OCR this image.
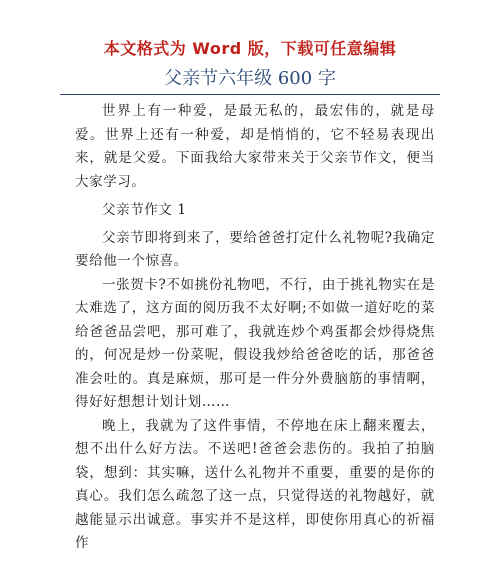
本文格式为 Word 版，下载可任意编辑
父亲节六年级 600 字

世界上有一种爱，是最无私的，最宏伟的，就是母爱。世界上还有一种爱，却是悄悄的，它不轻易表现出来，就是父爱。下面我给大家带来关于父亲节作文，便当大家学习。

父亲节作文 1

父亲节即将到来了，要给爸爸打定什么礼物呢?我确定要给他一个惊喜。

一张贺卡?不如挑份礼物吧，不行，由于挑礼物实在是太难选了，这方面的阅历我不太好啊;不如做一道好吃的菜给爸爸品尝吧，那可难了，我就连炒个鸡蛋都会炒得烧焦的，何况是炒一份菜呢，假设我炒给爸爸吃的话，那爸爸准会吐的。真是麻烦，那可是一件分外费脑筋的事情啊，得好好想想计划计划……

晚上，我就为了这件事情，不停地在床上翻来覆去，想不出什么好方法。不送吧!爸爸会悲伤的。我拍了拍脑袋，想到：其实嘛，送什么礼物并不重要，重要的是你的真心。我们怎么疏忽了这一点，只觉得送的礼物越好，就越能显示出诚意。事实并不是这样，即使你用真心的祈福作
